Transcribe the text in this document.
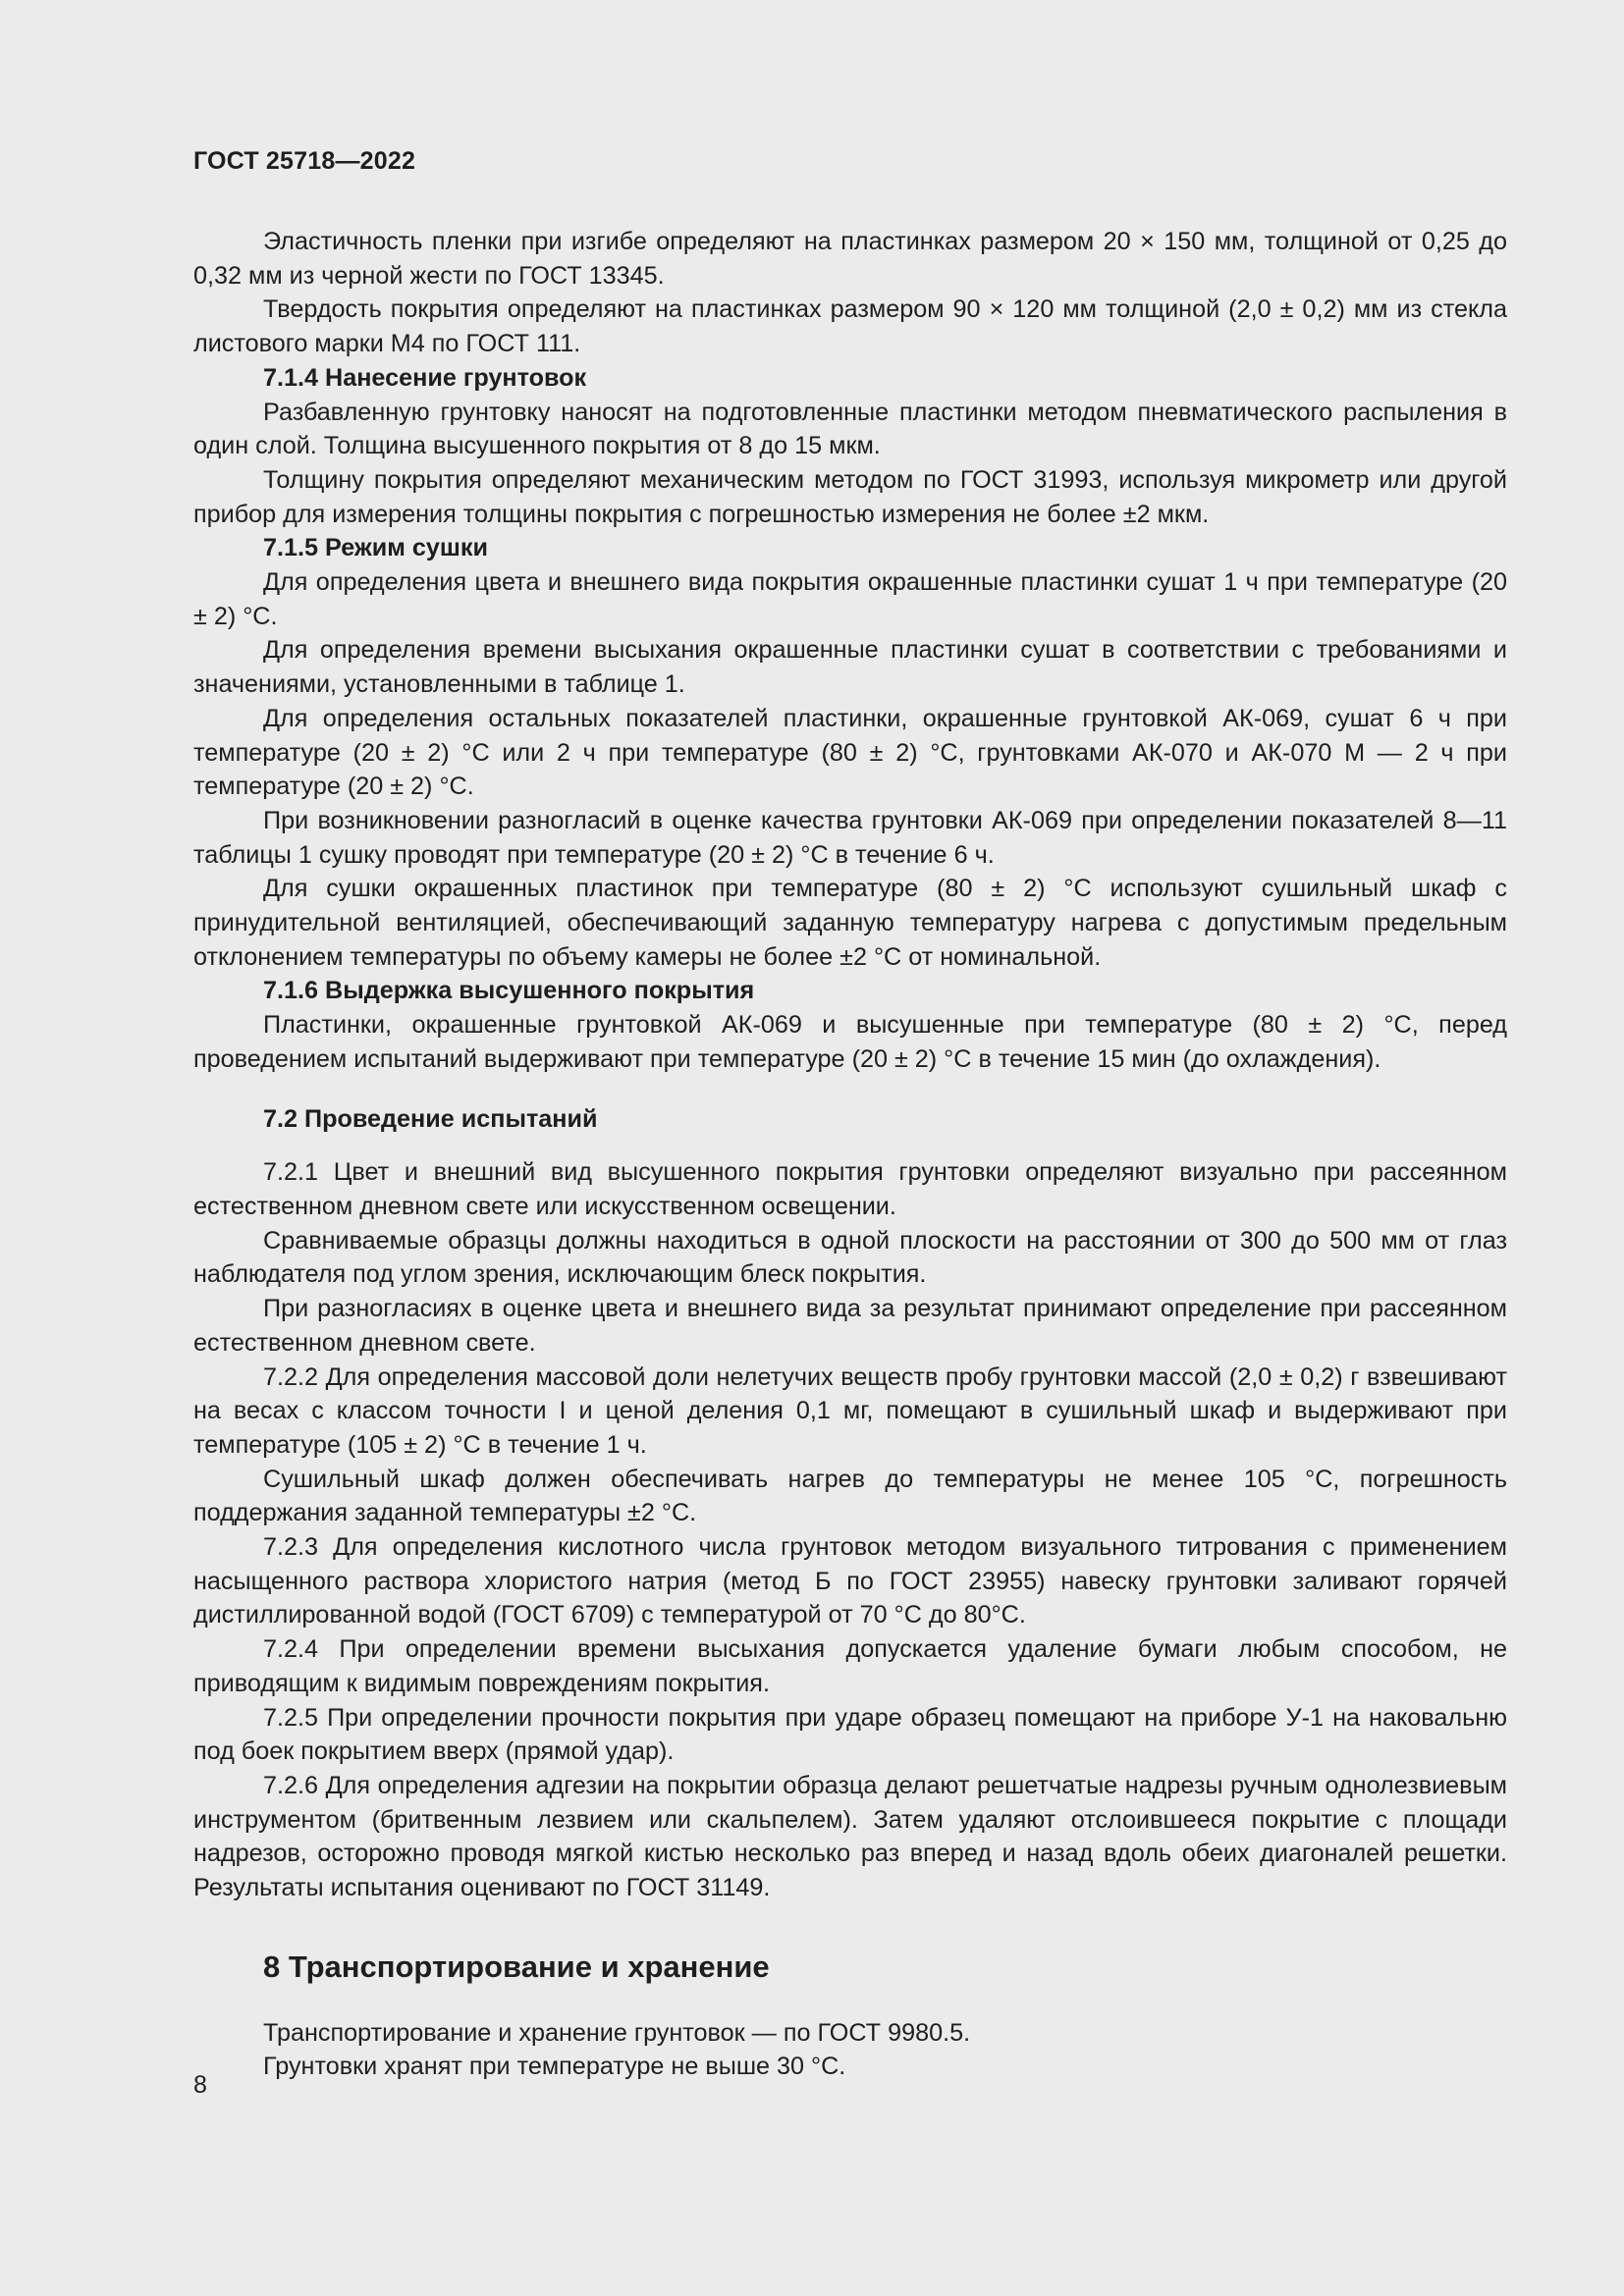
ГОСТ 25718—2022

Эластичность пленки при изгибе определяют на пластинках размером 20 × 150 мм, толщиной от 0,25 до 0,32 мм из черной жести по ГОСТ 13345.

Твердость покрытия определяют на пластинках размером 90 × 120 мм толщиной (2,0 ± 0,2) мм из стекла листового марки М4 по ГОСТ 111.

7.1.4 Нанесение грунтовок

Разбавленную грунтовку наносят на подготовленные пластинки методом пневматического распыления в один слой. Толщина высушенного покрытия от 8 до 15 мкм.

Толщину покрытия определяют механическим методом по ГОСТ 31993, используя микрометр или другой прибор для измерения толщины покрытия с погрешностью измерения не более ±2 мкм.

7.1.5 Режим сушки

Для определения цвета и внешнего вида покрытия окрашенные пластинки сушат 1 ч при температуре (20 ± 2) °С.

Для определения времени высыхания окрашенные пластинки сушат в соответствии с требованиями и значениями, установленными в таблице 1.

Для определения остальных показателей пластинки, окрашенные грунтовкой АК-069, сушат 6 ч при температуре (20 ± 2) °С или 2 ч при температуре (80 ± 2) °С, грунтовками АК-070 и АК-070 М — 2 ч при температуре (20 ± 2) °С.

При возникновении разногласий в оценке качества грунтовки АК-069 при определении показателей 8—11 таблицы 1 сушку проводят при температуре (20 ± 2) °С в течение 6 ч.

Для сушки окрашенных пластинок при температуре (80 ± 2) °С используют сушильный шкаф с принудительной вентиляцией, обеспечивающий заданную температуру нагрева с допустимым предельным отклонением температуры по объему камеры не более ±2 °С от номинальной.

7.1.6 Выдержка высушенного покрытия

Пластинки, окрашенные грунтовкой АК-069 и высушенные при температуре (80 ± 2) °С, перед проведением испытаний выдерживают при температуре (20 ± 2) °С в течение 15 мин (до охлаждения).

7.2 Проведение испытаний

7.2.1 Цвет и внешний вид высушенного покрытия грунтовки определяют визуально при рассеянном естественном дневном свете или искусственном освещении.

Сравниваемые образцы должны находиться в одной плоскости на расстоянии от 300 до 500 мм от глаз наблюдателя под углом зрения, исключающим блеск покрытия.

При разногласиях в оценке цвета и внешнего вида за результат принимают определение при рассеянном естественном дневном свете.

7.2.2 Для определения массовой доли нелетучих веществ пробу грунтовки массой (2,0 ± 0,2) г взвешивают на весах с классом точности I и ценой деления 0,1 мг, помещают в сушильный шкаф и выдерживают при температуре (105 ± 2) °С в течение 1 ч.

Сушильный шкаф должен обеспечивать нагрев до температуры не менее 105 °С, погрешность поддержания заданной температуры ±2 °С.

7.2.3 Для определения кислотного числа грунтовок методом визуального титрования с применением насыщенного раствора хлористого натрия (метод Б по ГОСТ 23955) навеску грунтовки заливают горячей дистиллированной водой (ГОСТ 6709) с температурой от 70 °С до 80°С.

7.2.4 При определении времени высыхания допускается удаление бумаги любым способом, не приводящим к видимым повреждениям покрытия.

7.2.5 При определении прочности покрытия при ударе образец помещают на приборе У-1 на наковальню под боек покрытием вверх (прямой удар).

7.2.6 Для определения адгезии на покрытии образца делают решетчатые надрезы ручным однолезвиевым инструментом (бритвенным лезвием или скальпелем). Затем удаляют отслоившееся покрытие с площади надрезов, осторожно проводя мягкой кистью несколько раз вперед и назад вдоль обеих диагоналей решетки. Результаты испытания оценивают по ГОСТ 31149.

8 Транспортирование и хранение

Транспортирование и хранение грунтовок — по ГОСТ 9980.5.

Грунтовки хранят при температуре не выше 30 °С.

8
